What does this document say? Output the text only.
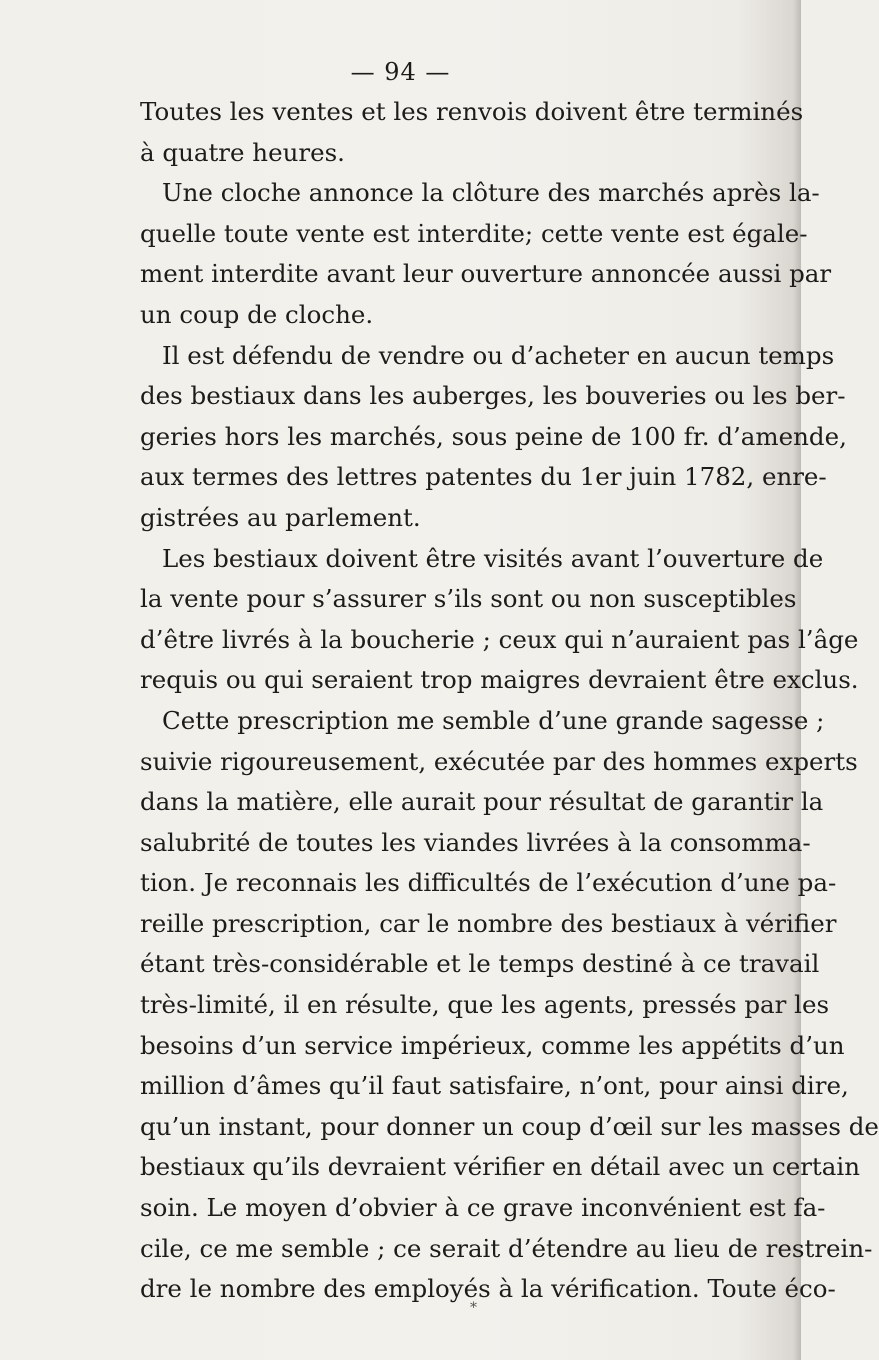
— 94 —
Toutes les ventes et les renvois doivent être terminés
à quatre heures.
Une cloche annonce la clôture des marchés après la-
quelle toute vente est interdite; cette vente est égale-
ment interdite avant leur ouverture annoncée aussi par
un coup de cloche.
Il est défendu de vendre ou d’acheter en aucun temps
des bestiaux dans les auberges, les bouveries ou les ber-
geries hors les marchés, sous peine de 100 fr. d’amende,
aux termes des lettres patentes du 1er juin 1782, enre-
gistrées au parlement.
Les bestiaux doivent être visités avant l’ouverture de
la vente pour s’assurer s’ils sont ou non susceptibles
d’être livrés à la boucherie ; ceux qui n’auraient pas l’âge
requis ou qui seraient trop maigres devraient être exclus.
Cette prescription me semble d’une grande sagesse ;
suivie rigoureusement, exécutée par des hommes experts
dans la matière, elle aurait pour résultat de garantir la
salubrité de toutes les viandes livrées à la consomma-
tion. Je reconnais les difficultés de l’exécution d’une pa-
reille prescription, car le nombre des bestiaux à vérifier
étant très-considérable et le temps destiné à ce travail
très-limité, il en résulte, que les agents, pressés par les
besoins d’un service impérieux, comme les appétits d’un
million d’âmes qu’il faut satisfaire, n’ont, pour ainsi dire,
qu’un instant, pour donner un coup d’œil sur les masses de
bestiaux qu’ils devraient vérifier en détail avec un certain
soin. Le moyen d’obvier à ce grave inconvénient est fa-
cile, ce me semble ; ce serait d’étendre au lieu de restrein-
dre le nombre des employés à la vérification. Toute éco-
*
